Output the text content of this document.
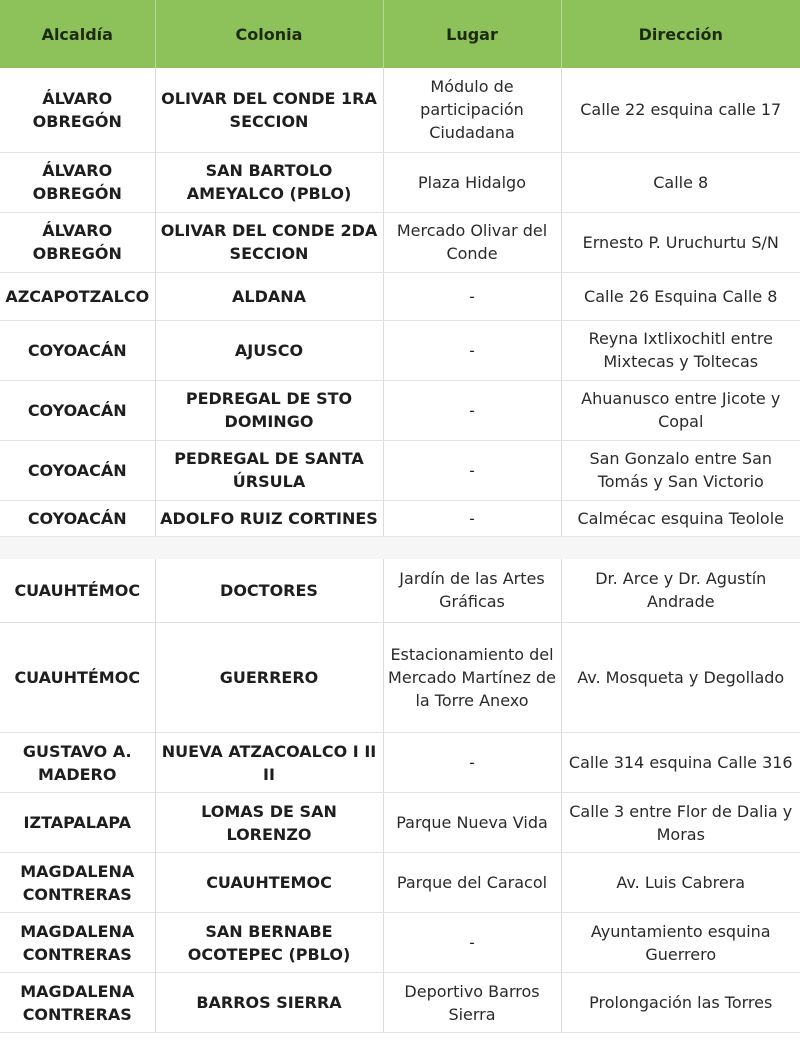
Alcaldía	Colonia	Lugar	Dirección
ÁLVARO OBREGÓN	OLIVAR DEL CONDE 1RA SECCION	Módulo de participación Ciudadana	Calle 22 esquina calle 17
ÁLVARO OBREGÓN	SAN BARTOLO AMEYALCO (PBLO)	Plaza Hidalgo	Calle 8
ÁLVARO OBREGÓN	OLIVAR DEL CONDE 2DA SECCION	Mercado Olivar del Conde	Ernesto P. Uruchurtu S/N
AZCAPOTZALCO	ALDANA	-	Calle 26 Esquina Calle 8
COYOACÁN	AJUSCO	-	Reyna Ixtlixochitl entre Mixtecas y Toltecas
COYOACÁN	PEDREGAL DE STO DOMINGO	-	Ahuanusco entre Jicote y Copal
COYOACÁN	PEDREGAL DE SANTA ÚRSULA	-	San Gonzalo entre San Tomás y San Victorio
COYOACÁN	ADOLFO RUIZ CORTINES	-	Calmécac esquina Teolole

CUAUHTÉMOC	DOCTORES	Jardín de las Artes Gráficas	Dr. Arce y Dr. Agustín Andrade
CUAUHTÉMOC	GUERRERO	Estacionamiento del Mercado Martínez de la Torre Anexo	Av. Mosqueta y Degollado
GUSTAVO A. MADERO	NUEVA ATZACOALCO I II II	-	Calle 314 esquina Calle 316
IZTAPALAPA	LOMAS DE SAN LORENZO	Parque Nueva Vida	Calle 3 entre Flor de Dalia y Moras
MAGDALENA CONTRERAS	CUAUHTEMOC	Parque del Caracol	Av. Luis Cabrera
MAGDALENA CONTRERAS	SAN BERNABE OCOTEPEC (PBLO)	-	Ayuntamiento esquina Guerrero
MAGDALENA CONTRERAS	BARROS SIERRA	Deportivo Barros Sierra	Prolongación las Torres
